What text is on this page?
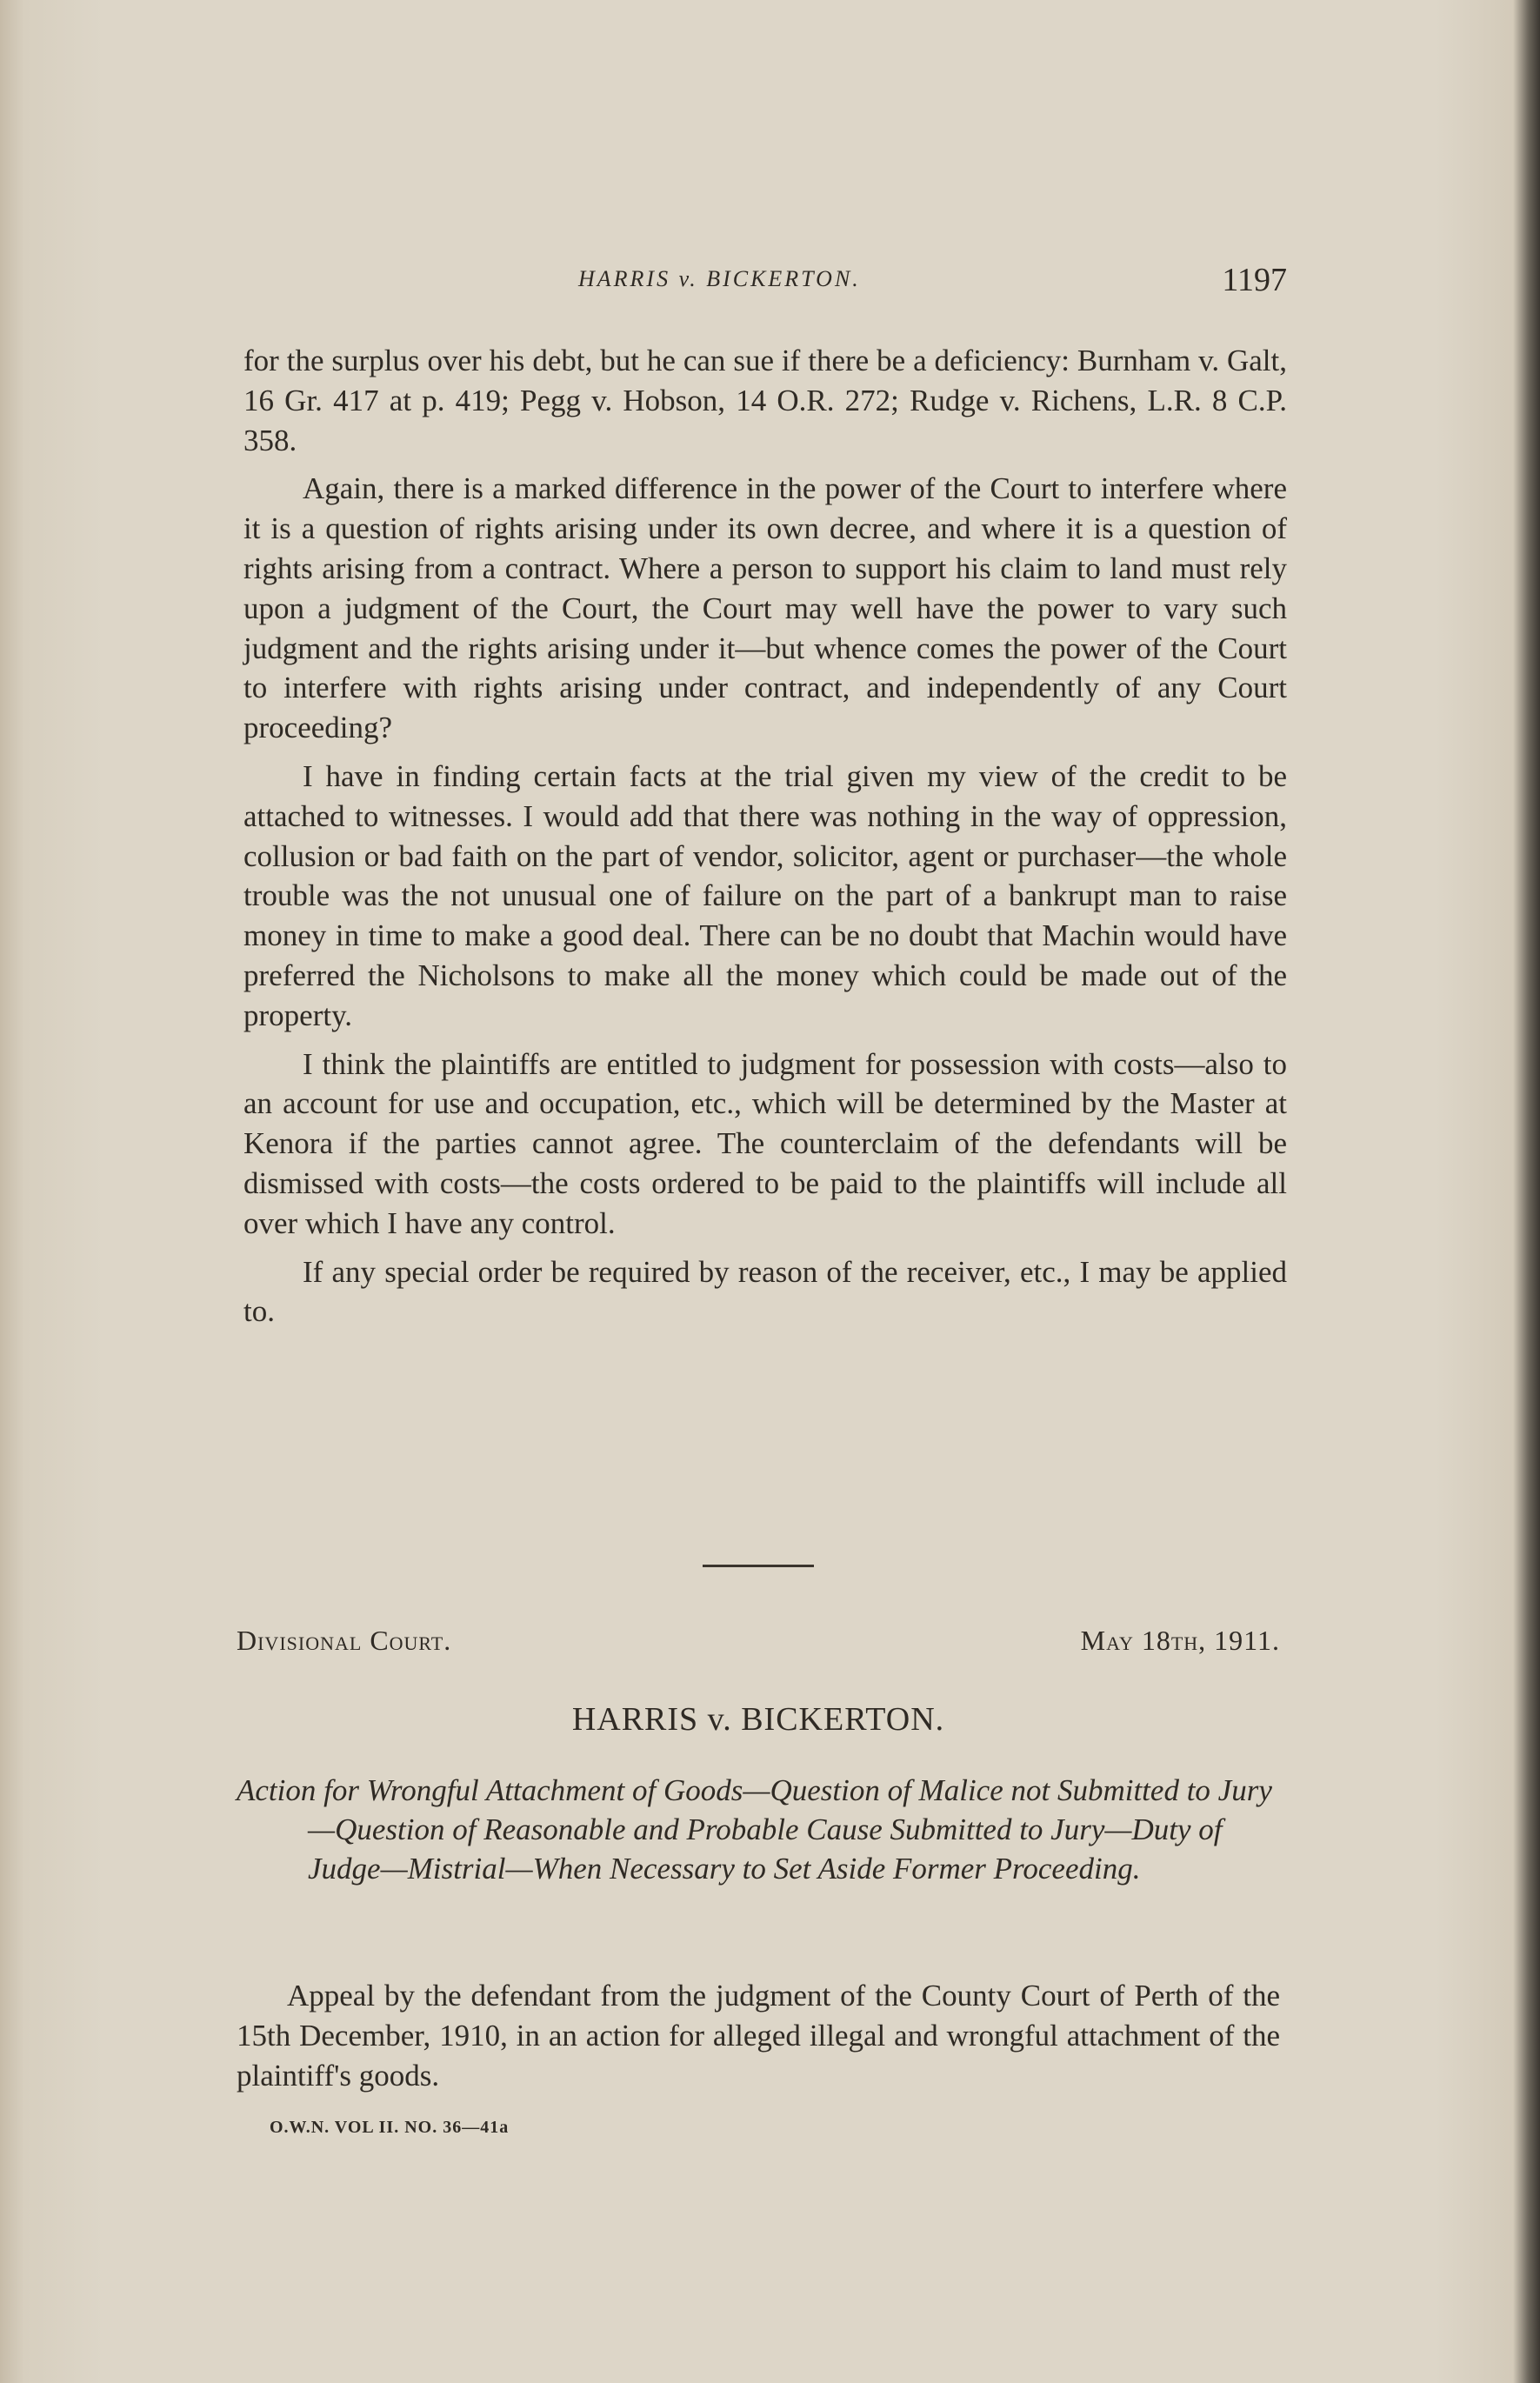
HARRIS v. BICKERTON.	1197

for the surplus over his debt, but he can sue if there be a deficiency: Burnham v. Galt, 16 Gr. 417 at p. 419; Pegg v. Hobson, 14 O.R. 272; Rudge v. Richens, L.R. 8 C.P. 358.

Again, there is a marked difference in the power of the Court to interfere where it is a question of rights arising under its own decree, and where it is a question of rights arising from a contract. Where a person to support his claim to land must rely upon a judgment of the Court, the Court may well have the power to vary such judgment and the rights arising under it—but whence comes the power of the Court to interfere with rights arising under contract, and independently of any Court proceeding?

I have in finding certain facts at the trial given my view of the credit to be attached to witnesses. I would add that there was nothing in the way of oppression, collusion or bad faith on the part of vendor, solicitor, agent or purchaser—the whole trouble was the not unusual one of failure on the part of a bankrupt man to raise money in time to make a good deal. There can be no doubt that Machin would have preferred the Nicholsons to make all the money which could be made out of the property.

I think the plaintiffs are entitled to judgment for possession with costs—also to an account for use and occupation, etc., which will be determined by the Master at Kenora if the parties cannot agree. The counterclaim of the defendants will be dismissed with costs—the costs ordered to be paid to the plaintiffs will include all over which I have any control.

If any special order be required by reason of the receiver, etc., I may be applied to.

Divisional Court.	May 18th, 1911.
HARRIS v. BICKERTON.
Action for Wrongful Attachment of Goods—Question of Malice not Submitted to Jury—Question of Reasonable and Probable Cause Submitted to Jury—Duty of Judge—Mistrial—When Necessary to Set Aside Former Proceeding.
Appeal by the defendant from the judgment of the County Court of Perth of the 15th December, 1910, in an action for alleged illegal and wrongful attachment of the plaintiff's goods.
O.W.N. VOL II. NO. 36—41a
